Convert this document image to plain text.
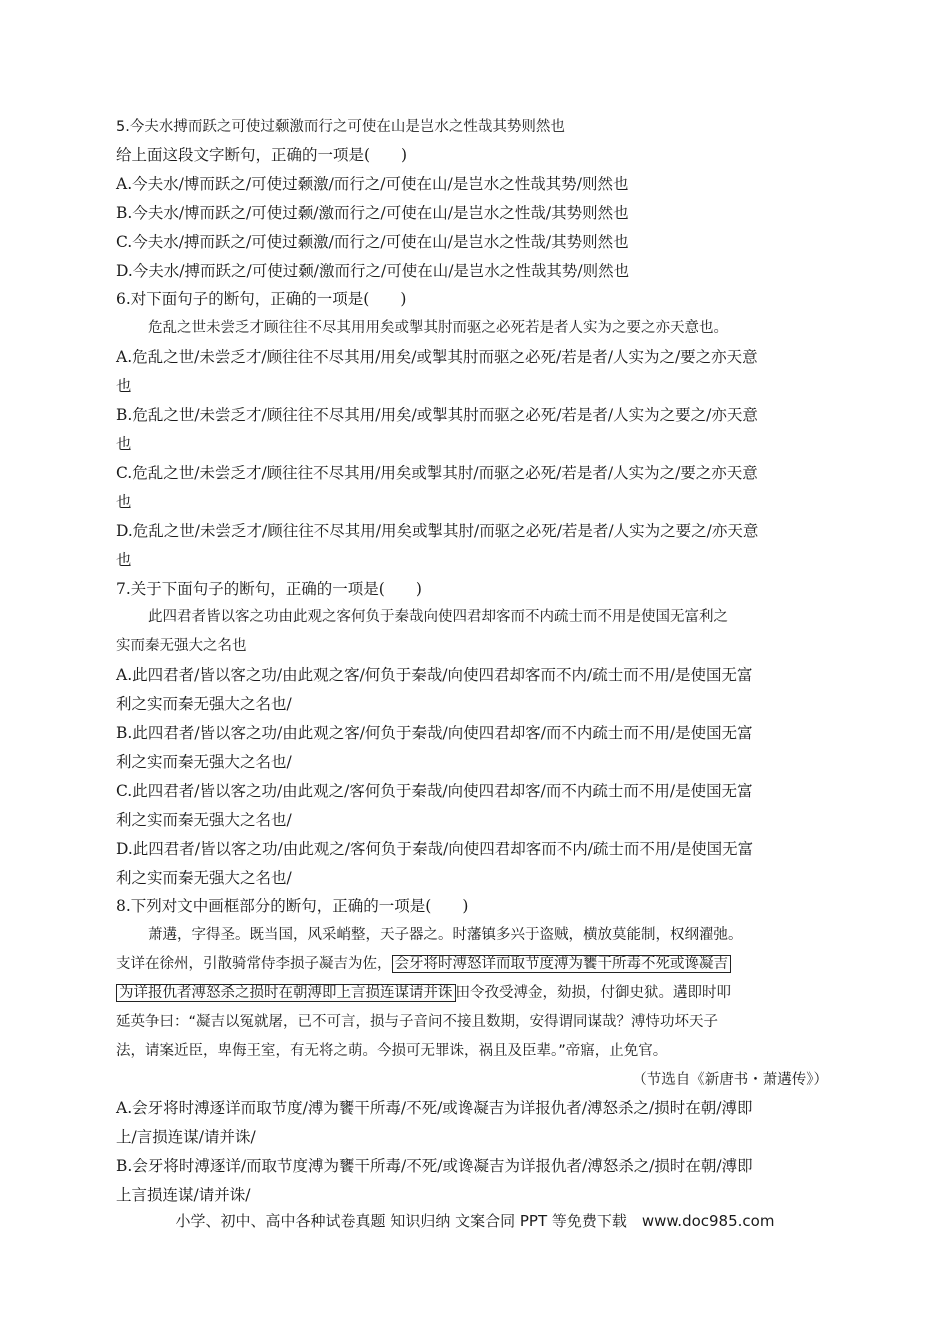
5.今夫水搏而跃之可使过颡激而行之可使在山是岂水之性哉其势则然也
给上面这段文字断句，正确的一项是(　　)
A.今夫水/博而跃之/可使过颡激/而行之/可使在山/是岂水之性哉其势/则然也
B.今夫水/博而跃之/可使过颡/激而行之/可使在山/是岂水之性哉/其势则然也
C.今夫水/搏而跃之/可使过颡激/而行之/可使在山/是岂水之性哉/其势则然也
D.今夫水/搏而跃之/可使过颡/激而行之/可使在山/是岂水之性哉其势/则然也
6.对下面句子的断句，正确的一项是(　　)
危乱之世未尝乏才顾往往不尽其用用矣或掣其肘而驱之必死若是者人实为之要之亦天意也。
A.危乱之世/未尝乏才/顾往往不尽其用/用矣/或掣其肘而驱之必死/若是者/人实为之/要之亦天意
也
B.危乱之世/未尝乏才/顾往往不尽其用/用矣/或掣其肘而驱之必死/若是者/人实为之要之/亦天意
也
C.危乱之世/未尝乏才/顾往往不尽其用/用矣或掣其肘/而驱之必死/若是者/人实为之/要之亦天意
也
D.危乱之世/未尝乏才/顾往往不尽其用/用矣或掣其肘/而驱之必死/若是者/人实为之要之/亦天意
也
7.关于下面句子的断句，正确的一项是(　　)
此四君者皆以客之功由此观之客何负于秦哉向使四君却客而不内疏士而不用是使国无富利之
实而秦无强大之名也
A.此四君者/皆以客之功/由此观之客/何负于秦哉/向使四君却客而不内/疏士而不用/是使国无富
利之实而秦无强大之名也/
B.此四君者/皆以客之功/由此观之客/何负于秦哉/向使四君却客/而不内疏士而不用/是使国无富
利之实而秦无强大之名也/
C.此四君者/皆以客之功/由此观之/客何负于秦哉/向使四君却客/而不内疏士而不用/是使国无富
利之实而秦无强大之名也/
D.此四君者/皆以客之功/由此观之/客何负于秦哉/向使四君却客而不内/疏士而不用/是使国无富
利之实而秦无强大之名也/
8.下列对文中画框部分的断句，正确的一项是(　　)
萧遘，字得圣。既当国，风采峭整，天子器之。时藩镇多兴于盗贼，横放莫能制，权纲濯弛。
支详在徐州，引散骑常侍李损子凝吉为佐， 会牙将时溥怒详而取节度溥为饔干所毒不死或谗凝吉
为详报仇者溥怒杀之损时在朝溥即上言损连谋请并诛 田令孜受溥金，劾损，付御史狱。遘即时叩
延英争曰：“凝吉以冤就屠，已不可言，损与子音问不接且数期，安得谓同谋哉？溥恃功坏天子
法，请案近臣，卑侮王室，有无将之萌。今损可无罪诛，祸且及臣辈。”帝寤，止免官。
（节选自《新唐书・萧遘传》）
A.会牙将时溥逐详而取节度/溥为饔干所毒/不死/或谗凝吉为详报仇者/溥怒杀之/损时在朝/溥即
上/言损连谋/请并诛/
B.会牙将时溥逐详/而取节度溥为饔干所毒/不死/或谗凝吉为详报仇者/溥怒杀之/损时在朝/溥即
上言损连谋/请并诛/
小学、初中、高中各种试卷真题 知识归纳 文案合同 PPT 等免费下载　www.doc985.com
